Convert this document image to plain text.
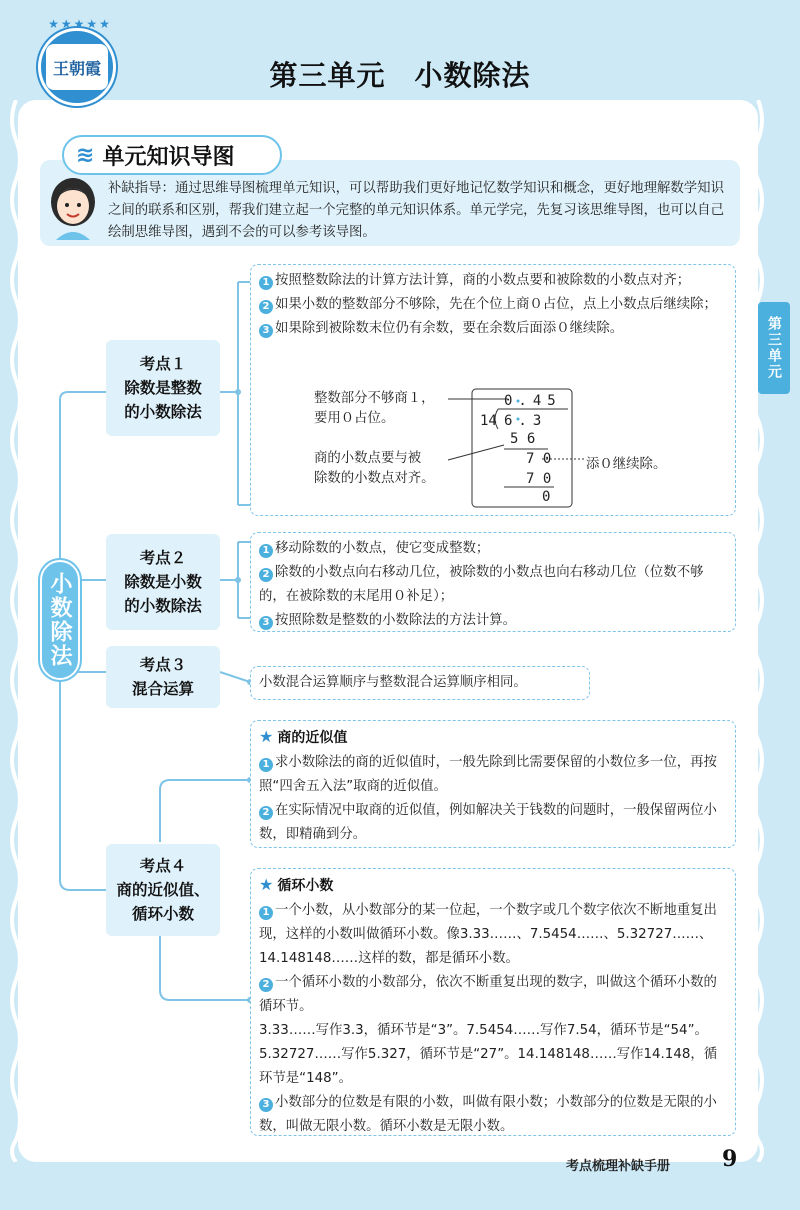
★★★★★
王朝霞	第三单元　小数除法
≋ 单元知识导图
补缺指导：通过思维导图梳理单元知识，可以帮助我们更好地记忆数学知识和概念，更好地理解数学知识之间的联系和区别，帮我们建立起一个完整的单元知识体系。单元学完，先复习该思维导图，也可以自己绘制思维导图，遇到不会的可以参考该导图。
第三单元
小数除法
考点１
除数是整数
的小数除法

1 按照整数除法的计算方法计算，商的小数点要和被除数的小数点对齐；

2 如果小数的整数部分不够除，先在个位上商０占位，点上小数点后继续除；

3 如果除到被除数末位仍有余数，要在余数后面添０继续除。

整数部分不够商１，
要用０占位。
商的小数点要与被
除数的小数点对齐。
添０继续除。
0.45
14 6.3
5 6
7 0
7 0
0
考点２
除数是小数
的小数除法

1 移动除数的小数点，使它变成整数；

2 除数的小数点向右移动几位，被除数的小数点也向右移动几位（位数不够的，在被除数的末尾用０补足）；

3 按照除数是整数的小数除法的方法计算。

考点３
混合运算	小数混合运算顺序与整数混合运算顺序相同。

考点４
商的近似值、
循环小数

★ 商的近似值

1 求小数除法的商的近似值时，一般先除到比需要保留的小数位多一位，再按照“四舍五入法”取商的近似值。

2 在实际情况中取商的近似值，例如解决关于钱数的问题时，一般保留两位小数，即精确到分。

★ 循环小数

1 一个小数，从小数部分的某一位起，一个数字或几个数字依次不断地重复出现，这样的小数叫做循环小数。像3.33……、7.5454……、5.32727……、14.148148……这样的数，都是循环小数。

2 一个循环小数的小数部分，依次不断重复出现的数字，叫做这个循环小数的循环节。

3.33……写作3.3̇，循环节是“3”。7.5454……写作7.5̇4̇，循环节是“54”。5.32727……写作5.32̇7̇，循环节是“27”。14.148148……写作14.1̇48̇，循环节是“148”。

3 小数部分的位数是有限的小数，叫做有限小数；小数部分的位数是无限的小数，叫做无限小数。循环小数是无限小数。

考点梳理补缺手册 9
